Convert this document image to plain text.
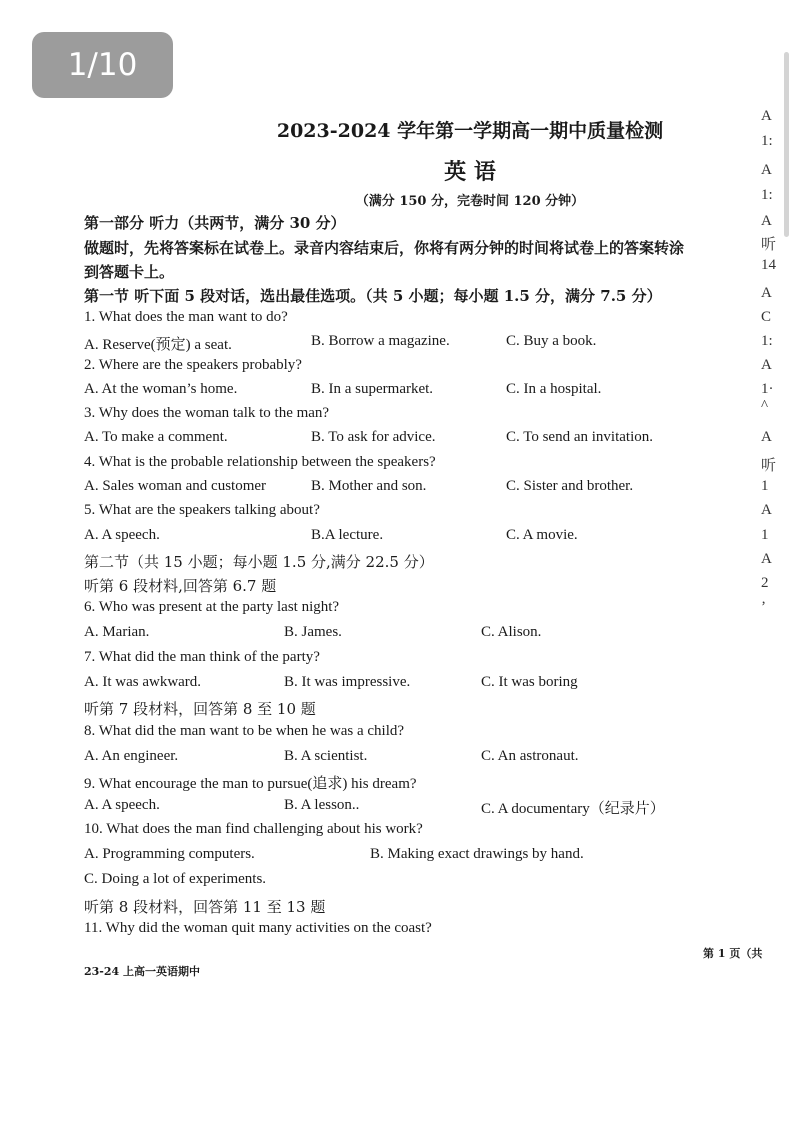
1/10
2023-2024 学年第一学期高一期中质量检测
英 语
（满分 150 分，完卷时间 120 分钟）
第一部分 听力（共两节，满分 30 分）
做题时，先将答案标在试卷上。录音内容结束后，你将有两分钟的时间将试卷上的答案转涂
到答题卡上。
第一节 听下面 5 段对话，选出最佳选项。（共 5 小题；每小题 1.5 分，满分 7.5 分）
1. What does the man want to do?
A. Reserve(预定) a seat.	B. Borrow a magazine.	C. Buy a book.
2. Where are the speakers probably?
A. At the woman’s home.	B. In a supermarket.	C. In a hospital.
3. Why does the woman talk to the man?
A. To make a comment.	B. To ask for advice.	C. To send an invitation.
4. What is the probable relationship between the speakers?
A. Sales woman and customer	B. Mother and son.	C. Sister and brother.
5. What are the speakers talking about?
A. A speech.	B.A lecture.	C. A movie.
第二节（共 15 小题；每小题 1.5 分,满分 22.5 分）
听第 6 段材料,回答第 6.7 题
6. Who was present at the party last night?
A. Marian.	B. James.	C. Alison.
7. What did the man think of the party?
A. It was awkward.	B. It was impressive.	C. It was boring
听第 7 段材料，回答第 8 至 10 题
8. What did the man want to be when he was a child?
A. An engineer.	B. A scientist.	C. An astronaut.
9. What encourage the man to pursue(追求) his dream?
A. A speech.	B. A lesson..	C. A documentary（纪录片）
10. What does the man find challenging about his work?
A. Programming computers.	B. Making exact drawings by hand.
C. Doing a lot of experiments.
听第 8 段材料，回答第 11 至 13 题
11. Why did the woman quit many activities on the coast?
第 1 页（共
23-24 上高一英语期中
A
1:
A
1:
A
听
14
A
C
1:
A
1·
^
A
听
1
A
1
A
2
’
